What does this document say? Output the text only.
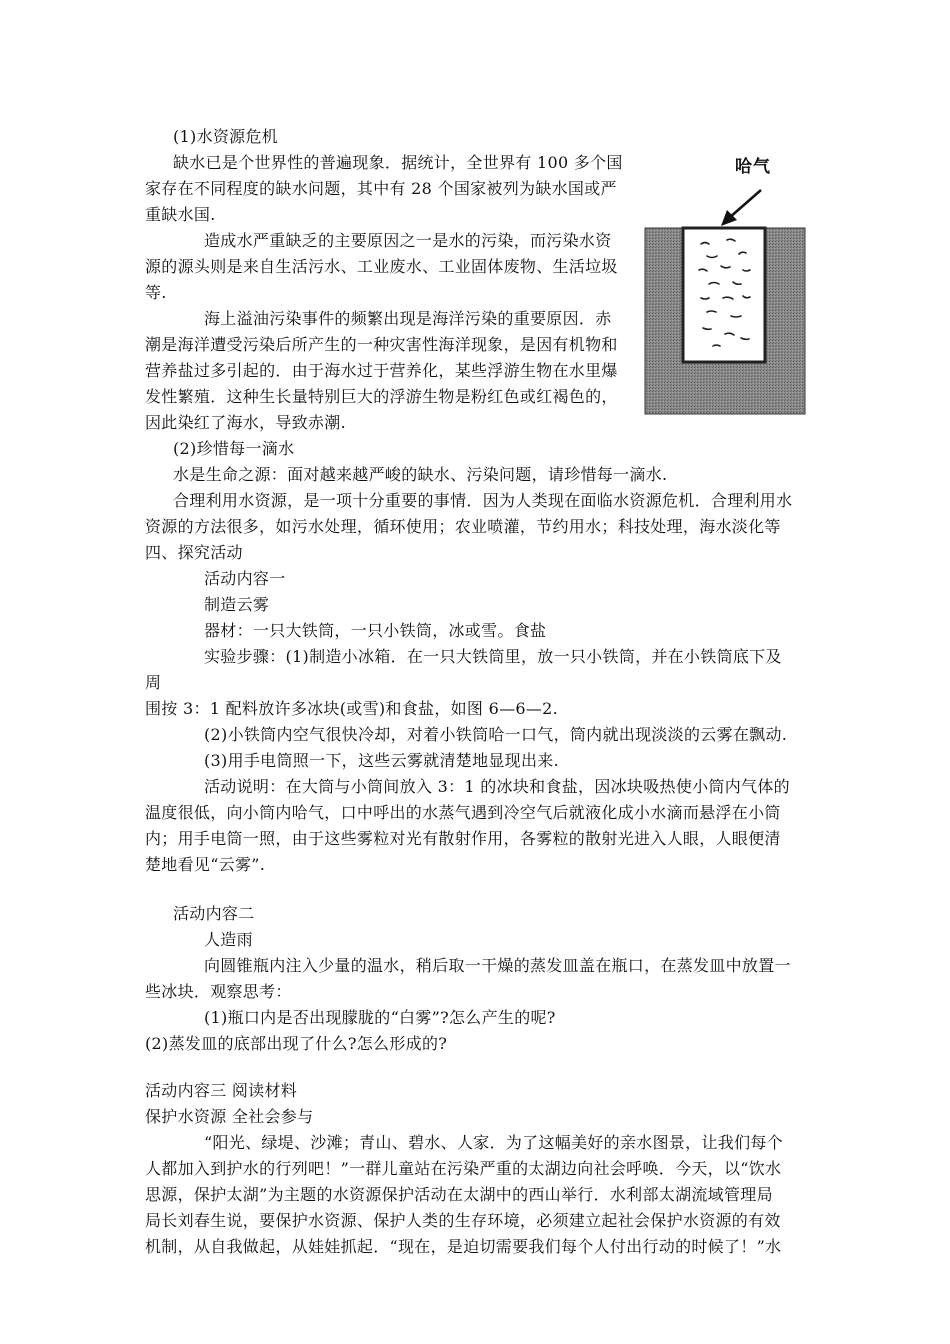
(1)水资源危机
缺水已是个世界性的普遍现象．据统计，全世界有 100 多个国
家存在不同程度的缺水问题，其中有 28 个国家被列为缺水国或严
重缺水国.
造成水严重缺乏的主要原因之一是水的污染，而污染水资
源的源头则是来自生活污水、工业废水、工业固体废物、生活垃圾
等.
海上溢油污染事件的频繁出现是海洋污染的重要原因．赤
潮是海洋遭受污染后所产生的一种灾害性海洋现象，是因有机物和
营养盐过多引起的．由于海水过于营养化，某些浮游生物在水里爆
发性繁殖．这种生长量特别巨大的浮游生物是粉红色或红褐色的，
因此染红了海水，导致赤潮.
(2)珍惜每一滴水
水是生命之源：面对越来越严峻的缺水、污染问题，请珍惜每一滴水.
合理利用水资源，是一项十分重要的事情．因为人类现在面临水资源危机．合理利用水
资源的方法很多，如污水处理，循环使用；农业喷灌，节约用水；科技处理，海水淡化等
四、探究活动
活动内容一
制造云雾
器材：一只大铁筒，一只小铁筒，冰或雪。食盐
实验步骤：(1)制造小冰箱．在一只大铁筒里，放一只小铁筒，并在小铁筒底下及
周
围按 3：1 配料放许多冰块(或雪)和食盐，如图 6—6—2.
(2)小铁筒内空气很快冷却，对着小铁筒哈一口气，筒内就出现淡淡的云雾在飘动.
(3)用手电筒照一下，这些云雾就清楚地显现出来.
活动说明：在大筒与小筒间放入 3：1 的冰块和食盐，因冰块吸热使小筒内气体的
温度很低，向小筒内哈气，口中呼出的水蒸气遇到冷空气后就液化成小水滴而悬浮在小筒
内；用手电筒一照，由于这些雾粒对光有散射作用，各雾粒的散射光进入人眼，人眼便清
楚地看见“云雾”.
活动内容二
人造雨
向圆锥瓶内注入少量的温水，稍后取一干燥的蒸发皿盖在瓶口，在蒸发皿中放置一
些冰块．观察思考：
(1)瓶口内是否出现朦胧的“白雾”?怎么产生的呢?
(2)蒸发皿的底部出现了什么?怎么形成的?
活动内容三 阅读材料
保护水资源 全社会参与
“阳光、绿堤、沙滩；青山、碧水、人家．为了这幅美好的亲水图景，让我们每个
人都加入到护水的行列吧！”一群儿童站在污染严重的太湖边向社会呼唤．今天，以“饮水
思源，保护太湖”为主题的水资源保护活动在太湖中的西山举行．水利部太湖流域管理局
局长刘春生说，要保护水资源、保护人类的生存环境，必须建立起社会保护水资源的有效
机制，从自我做起，从娃娃抓起．“现在，是迫切需要我们每个人付出行动的时候了！”水
哈气
